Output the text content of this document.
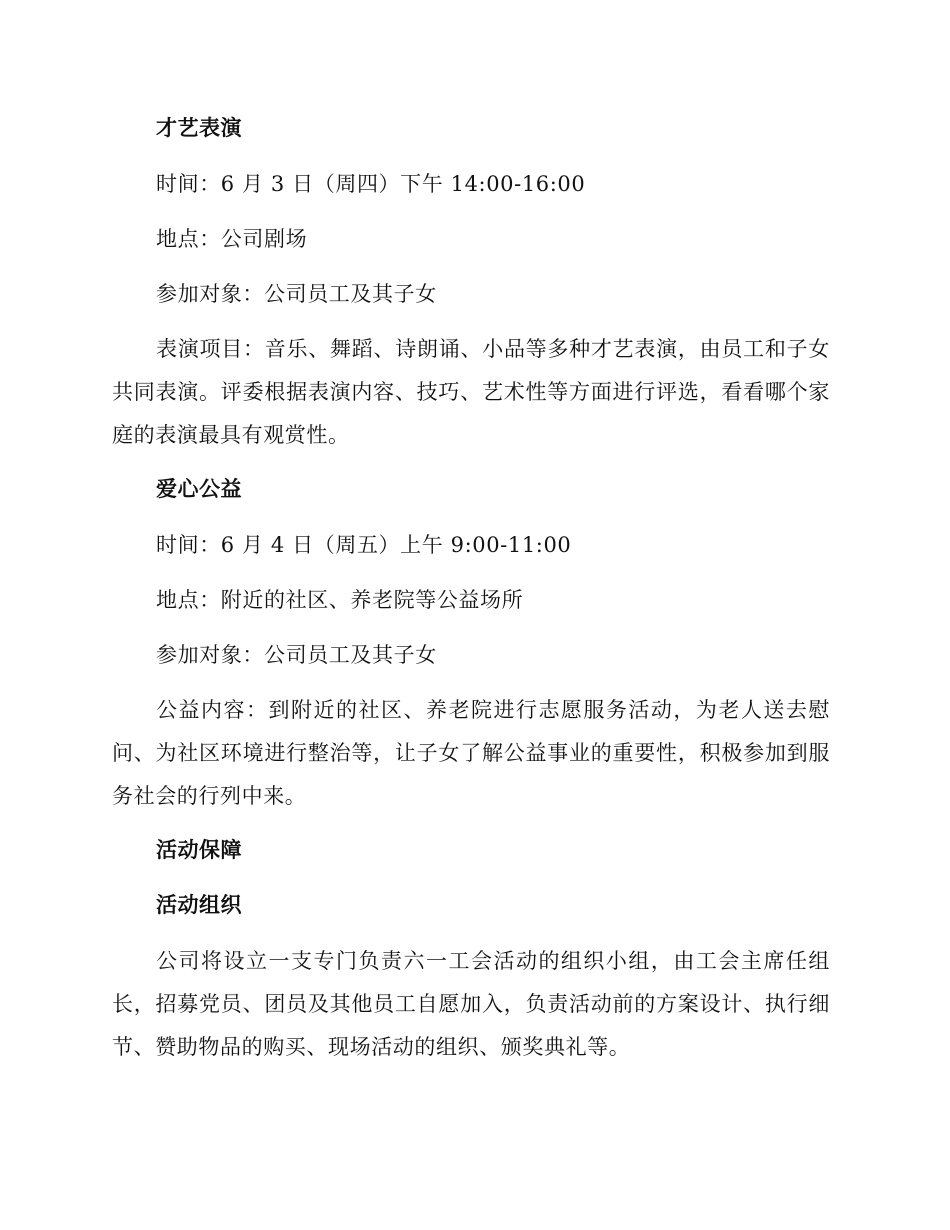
才艺表演

时间：6 月 3 日（周四）下午 14:00-16:00

地点：公司剧场

参加对象：公司员工及其子女

表演项目：音乐、舞蹈、诗朗诵、小品等多种才艺表演，由员工和子女共同表演。评委根据表演内容、技巧、艺术性等方面进行评选，看看哪个家庭的表演最具有观赏性。

爱心公益

时间：6 月 4 日（周五）上午 9:00-11:00

地点：附近的社区、养老院等公益场所

参加对象：公司员工及其子女

公益内容：到附近的社区、养老院进行志愿服务活动，为老人送去慰问、为社区环境进行整治等，让子女了解公益事业的重要性，积极参加到服务社会的行列中来。

活动保障
活动组织

公司将设立一支专门负责六一工会活动的组织小组，由工会主席任组长，招募党员、团员及其他员工自愿加入，负责活动前的方案设计、执行细节、赞助物品的购买、现场活动的组织、颁奖典礼等。
